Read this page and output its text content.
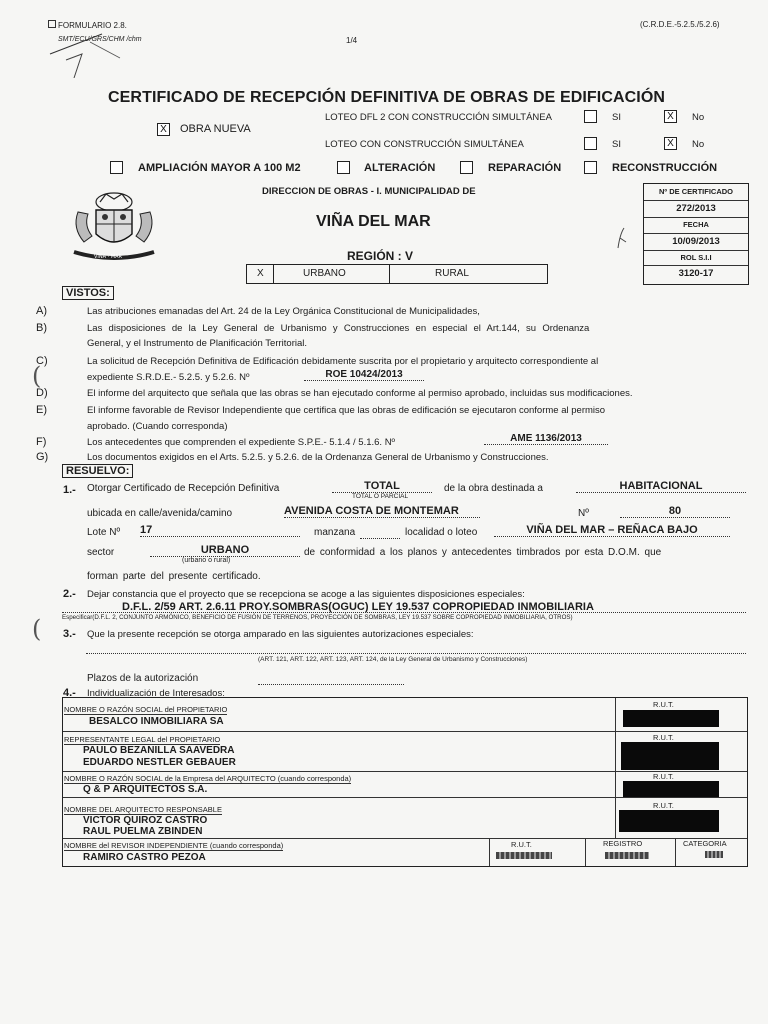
FORMULARIO 2.8.	(C.R.D.E.-5.2.5./5.2.6)
SMT/ECU/GRS/CHM /chm	1/4
CERTIFICADO DE RECEPCIÓN DEFINITIVA DE OBRAS DE EDIFICACIÓN
X OBRA NUEVA
LOTEO DFL 2 CON CONSTRUCCIÓN SIMULTÁNEA	SI	X	No
LOTEO CON CONSTRUCCIÓN SIMULTÁNEA	SI	X	No
AMPLIACIÓN MAYOR A 100 M2	ALTERACIÓN	REPARACIÓN	RECONSTRUCCIÓN
VIÑA · MAR
DIRECCION DE OBRAS - I. MUNICIPALIDAD DE
VIÑA DEL MAR
REGIÓN : V
X	URBANO	RURAL
Nº DE CERTIFICADO
272/2013
FECHA
10/09/2013
ROL S.I.I
3120-17
VISTOS:
A)	Las atribuciones emanadas del Art. 24 de la Ley Orgánica Constitucional de Municipalidades,
B)	Las disposiciones de la Ley General de Urbanismo y Construcciones en especial el Art.144, su Ordenanza
General, y el Instrumento de Planificación Territorial.
C)	La solicitud de Recepción Definitiva de Edificación debidamente suscrita por el propietario y arquitecto correspondiente al
expediente S.R.D.E.- 5.2.5. y 5.2.6. Nº	ROE 10424/2013
D)	El informe del arquitecto que señala que las obras se han ejecutado conforme al permiso aprobado, incluidas sus modificaciones.
E)	El informe favorable de Revisor Independiente que certifica que las obras de edificación se ejecutaron conforme al permiso
aprobado. (Cuando corresponda)
F)	Los antecedentes que comprenden el expediente S.P.E.- 5.1.4 / 5.1.6. Nº	AME 1136/2013
G)	Los documentos exigidos en el Arts. 5.2.5. y 5.2.6. de la Ordenanza General de Urbanismo y Construcciones.
RESUELVO:
1.- Otorgar Certificado de Recepción Definitiva	TOTAL
TOTAL O PARCIAL
de la obra destinada a	HABITACIONAL
ubicada en calle/avenida/camino	AVENIDA COSTA DE MONTEMAR	Nº	80
Lote Nº 17	manzana	localidad o loteo	VIÑA DEL MAR – REÑACA BAJO
sector	URBANO
(urbano o rural)
de conformidad a los planos y antecedentes timbrados por esta D.O.M. que
forman parte del presente certificado.
2.- Dejar constancia que el proyecto que se recepciona se acoge a las siguientes disposiciones especiales:
D.F.L. 2/59 ART. 2.6.11 PROY.SOMBRAS(OGUC) LEY 19.537 COPROPIEDAD INMOBILIARIA
Especificar(D.F.L. 2, CONJUNTO ARMÓNICO, BENEFICIO DE FUSIÓN DE TERRENOS, PROYECCIÓN DE SOMBRAS, LEY 19.537 SOBRE COPROPIEDAD INMOBILIARIA, OTROS)
3.- Que la presente recepción se otorga amparado en las siguientes autorizaciones especiales:
(ART. 121, ART. 122, ART. 123, ART. 124, de la Ley General de Urbanismo y Construcciones)
Plazos de la autorización
4.- Individualización de Interesados:
NOMBRE O RAZÓN SOCIAL del PROPIETARIO
BESALCO INMOBILIARA SA
R.U.T.
REPRESENTANTE LEGAL del PROPIETARIO
PAULO BEZANILLA SAAVEDRA
EDUARDO NESTLER GEBAUER
R.U.T.
NOMBRE O RAZÓN SOCIAL de la Empresa del ARQUITECTO (cuando corresponda)
Q & P ARQUITECTOS S.A.
R.U.T.
NOMBRE DEL ARQUITECTO RESPONSABLE
VICTOR QUIROZ CASTRO
RAUL PUELMA ZBINDEN
R.U.T.
NOMBRE del REVISOR INDEPENDIENTE (cuando corresponda)
RAMIRO CASTRO PEZOA
R.U.T.	REGISTRO	CATEGORIA
(
(
